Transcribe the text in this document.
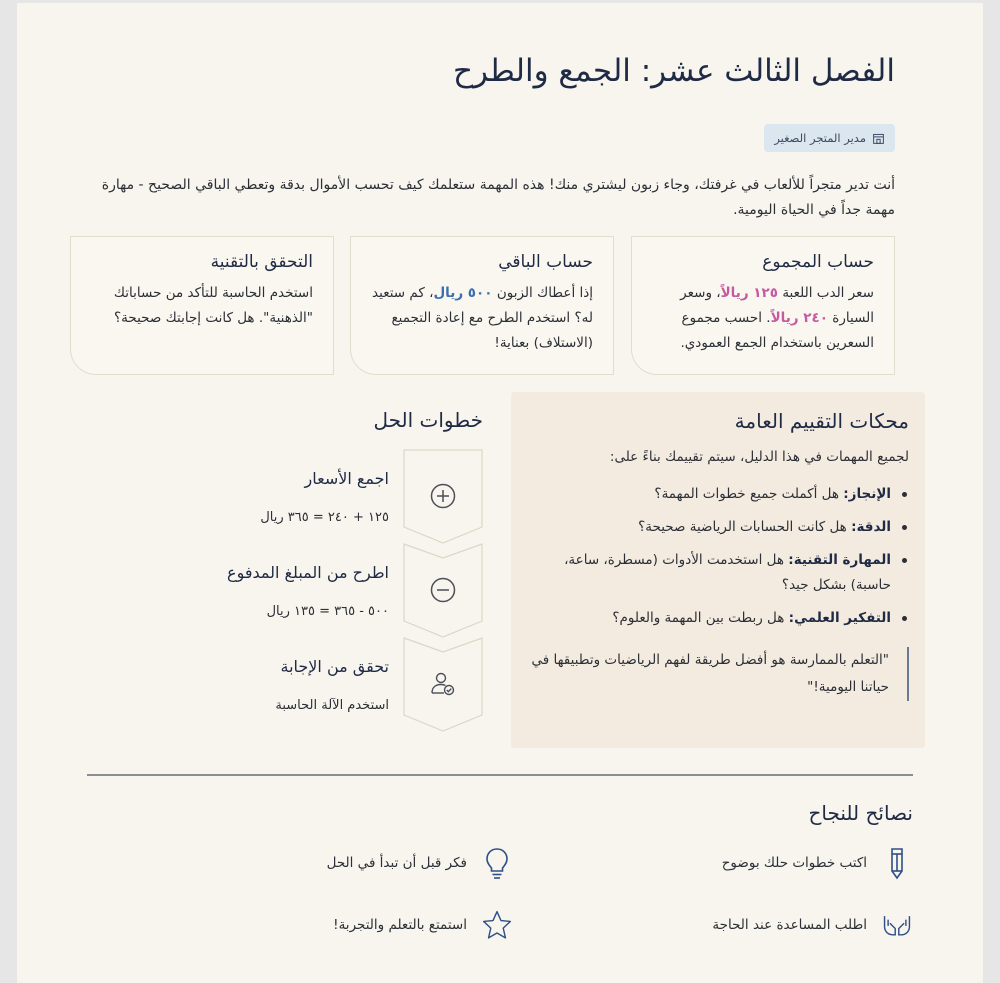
الفصل الثالث عشر: الجمع والطرح
مدير المتجر الصغير

أنت تدير متجراً للألعاب في غرفتك، وجاء زبون ليشتري منك! هذه المهمة ستعلمك كيف تحسب الأموال بدقة وتعطي الباقي الصحيح - مهارة مهمة جداً في الحياة اليومية.

حساب المجموع
سعر الدب اللعبة ١٢٥ ريالاً، وسعر السيارة ٢٤٠ ريالاً. احسب مجموع السعرين باستخدام الجمع العمودي.
حساب الباقي
إذا أعطاك الزبون ٥٠٠ ريال، كم ستعيد له؟ استخدم الطرح مع إعادة التجميع (الاستلاف) بعناية!
التحقق بالتقنية
استخدم الحاسبة للتأكد من حساباتك "الذهنية". هل كانت إجابتك صحيحة؟
محكات التقييم العامة
لجميع المهمات في هذا الدليل، سيتم تقييمك بناءً على:
الإنجاز: هل أكملت جميع خطوات المهمة؟
الدقة: هل كانت الحسابات الرياضية صحيحة؟
المهارة التقنية: هل استخدمت الأدوات (مسطرة، ساعة، حاسبة) بشكل جيد؟
التفكير العلمي: هل ربطت بين المهمة والعلوم؟
"التعلم بالممارسة هو أفضل طريقة لفهم الرياضيات وتطبيقها في حياتنا اليومية!"
خطوات الحل
اجمع الأسعار
١٢٥ + ٢٤٠ = ٣٦٥ ريال
اطرح من المبلغ المدفوع
٥٠٠ - ٣٦٥ = ١٣٥ ريال
تحقق من الإجابة
استخدم الآلة الحاسبة
نصائح للنجاح
اكتب خطوات حلك بوضوح
فكر قبل أن تبدأ في الحل
اطلب المساعدة عند الحاجة
استمتع بالتعلم والتجربة!
